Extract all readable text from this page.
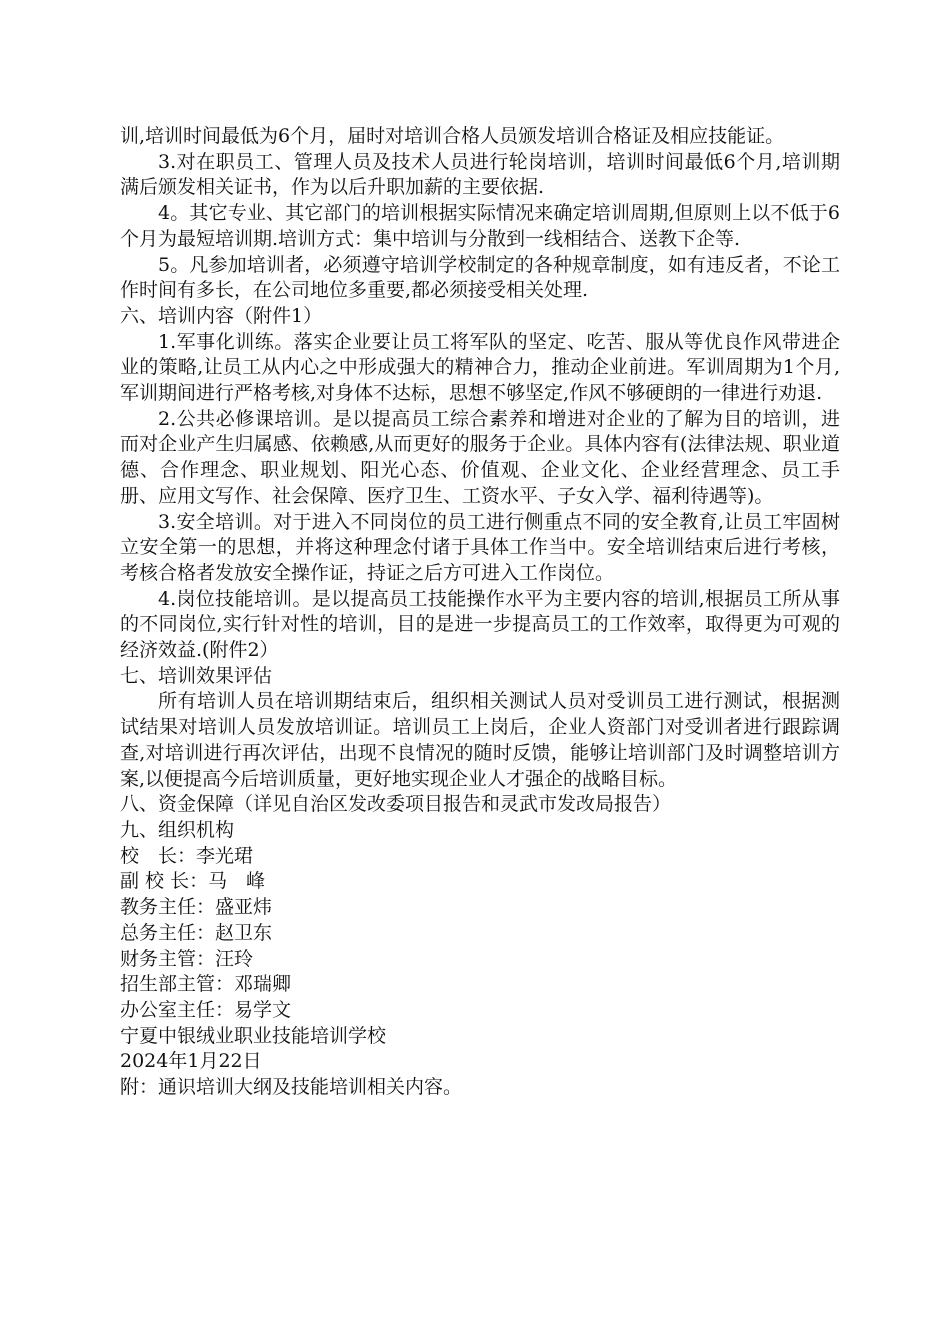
训,培训时间最低为6个月，届时对培训合格人员颁发培训合格证及相应技能证。

3.对在职员工、管理人员及技术人员进行轮岗培训，培训时间最低6个月,培训期满后颁发相关证书，作为以后升职加薪的主要依据.

4。其它专业、其它部门的培训根据实际情况来确定培训周期,但原则上以不低于6个月为最短培训期.培训方式：集中培训与分散到一线相结合、送教下企等.

5。凡参加培训者，必须遵守培训学校制定的各种规章制度，如有违反者，不论工作时间有多长，在公司地位多重要,都必须接受相关处理.

六、培训内容（附件1）

1.军事化训练。落实企业要让员工将军队的坚定、吃苦、服从等优良作风带进企业的策略,让员工从内心之中形成强大的精神合力，推动企业前进。军训周期为1个月,军训期间进行严格考核,对身体不达标，思想不够坚定,作风不够硬朗的一律进行劝退.

2.公共必修课培训。是以提高员工综合素养和增进对企业的了解为目的培训，进而对企业产生归属感、依赖感,从而更好的服务于企业。具体内容有(法律法规、职业道德、合作理念、职业规划、阳光心态、价值观、企业文化、企业经营理念、员工手册、应用文写作、社会保障、医疗卫生、工资水平、子女入学、福利待遇等)。

3.安全培训。对于进入不同岗位的员工进行侧重点不同的安全教育,让员工牢固树立安全第一的思想，并将这种理念付诸于具体工作当中。安全培训结束后进行考核，考核合格者发放安全操作证，持证之后方可进入工作岗位。

4.岗位技能培训。是以提高员工技能操作水平为主要内容的培训,根据员工所从事的不同岗位,实行针对性的培训，目的是进一步提高员工的工作效率，取得更为可观的经济效益.(附件2）

七、培训效果评估

所有培训人员在培训期结束后，组织相关测试人员对受训员工进行测试，根据测试结果对培训人员发放培训证。培训员工上岗后，企业人资部门对受训者进行跟踪调查,对培训进行再次评估，出现不良情况的随时反馈，能够让培训部门及时调整培训方案,以便提高今后培训质量，更好地实现企业人才强企的战略目标。

八、资金保障（详见自治区发改委项目报告和灵武市发改局报告）

九、组织机构

校　长：李光珺

副 校 长：马　峰

教务主任：盛亚炜

总务主任：赵卫东

财务主管：汪玲

招生部主管：邓瑞卿

办公室主任：易学文

宁夏中银绒业职业技能培训学校

2024年1月22日

附：通识培训大纲及技能培训相关内容。
